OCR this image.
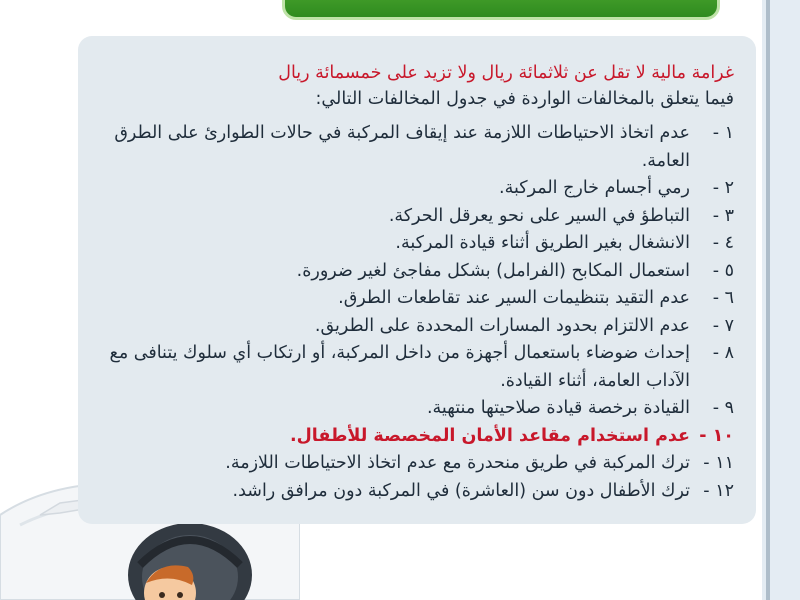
غرامة مالية لا تقل عن ثلاثمائة ريال ولا تزيد على خمسمائة ريال
فيما يتعلق بالمخالفات الواردة في جدول المخالفات التالي:

١ -
عدم اتخاذ الاحتياطات اللازمة عند إيقاف المركبة في حالات الطوارئ على الطرق العامة.
٢ -
رمي أجسام خارج المركبة.
٣ -
التباطؤ في السير على نحو يعرقل الحركة.
٤ -
الانشغال بغير الطريق أثناء قيادة المركبة.
٥ -
استعمال المكابح (الفرامل) بشكل مفاجئ لغير ضرورة.
٦ -
عدم التقيد بتنظيمات السير عند تقاطعات الطرق.
٧ -
عدم الالتزام بحدود المسارات المحددة على الطريق.
٨ -
إحداث ضوضاء باستعمال أجهزة من داخل المركبة، أو ارتكاب أي سلوك يتنافى مع الآداب العامة، أثناء القيادة.
٩ -
القيادة برخصة قيادة صلاحيتها منتهية.
١٠ -
عدم استخدام مقاعد الأمان المخصصة للأطفال.
١١ -
ترك المركبة في طريق منحدرة مع عدم اتخاذ الاحتياطات اللازمة.
١٢ -
ترك الأطفال دون سن (العاشرة) في المركبة دون مرافق راشد.
